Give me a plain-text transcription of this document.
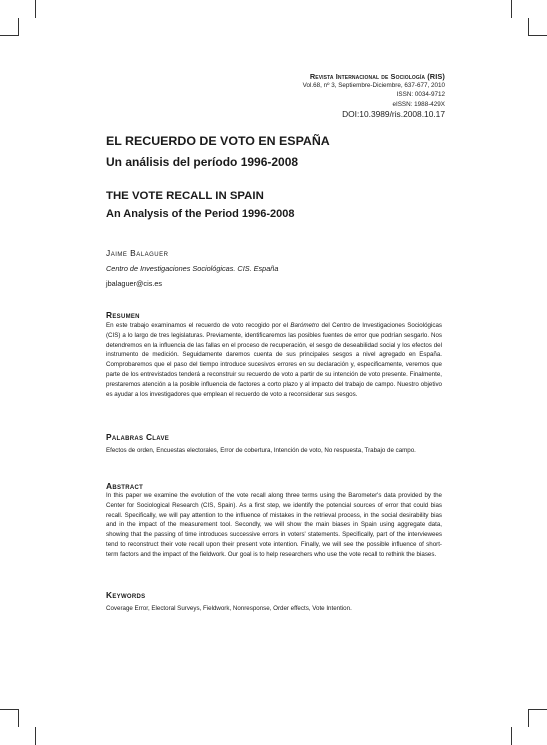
Revista Internacional de Sociología (RIS)
Vol.68, nº 3, Septiembre-Diciembre, 637-677, 2010
ISSN: 0034-9712
eISSN: 1988-429X
DOI:10.3989/ris.2008.10.17
EL RECUERDO DE VOTO EN ESPAÑA
Un análisis del período 1996-2008
THE VOTE RECALL IN SPAIN
An Analysis of the Period 1996-2008
Jaime Balaguer
Centro de Investigaciones Sociológicas. CIS. España
jbalaguer@cis.es
Resumen

En este trabajo examinamos el recuerdo de voto recogido por el Barómetro del Centro de Investigaciones Sociológicas (CIS) a lo largo de tres legislaturas. Previamente, identificaremos las posibles fuentes de error que podrían sesgarlo. Nos detendremos en la influencia de las fallas en el proceso de recuperación, el sesgo de deseabilidad social y los efectos del instrumento de medición. Seguidamente daremos cuenta de sus principales sesgos a nivel agregado en España. Comprobaremos que el paso del tiempo introduce sucesivos errores en su declaración y, especificamente, veremos que parte de los entrevistados tenderá a reconstruir su recuerdo de voto a partir de su intención de voto presente. Finalmente, prestaremos atención a la posible influencia de factores a corto plazo y al impacto del trabajo de campo. Nuestro objetivo es ayudar a los investigadores que emplean el recuerdo de voto a reconsiderar sus sesgos.

Palabras Clave

Efectos de orden, Encuestas electorales, Error de cobertura, Intención de voto, No respuesta, Trabajo de campo.

Abstract

In this paper we examine the evolution of the vote recall along three terms using the Barometer's data provided by the Center for Sociological Research (CIS, Spain). As a first step, we identify the potencial sources of error that could bias recall. Specifically, we will pay attention to the influence of mistakes in the retrieval process, in the social desirability bias and in the impact of the measurement tool. Secondly, we will show the main biases in Spain using aggregate data, showing that the passing of time introduces successive errors in voters' statements. Specifically, part of the interviewees tend to reconstruct their vote recall upon their present vote intention. Finally, we will see the possible influence of short-term factors and the impact of the fieldwork. Our goal is to help researchers who use the vote recall to rethink the biases.

Keywords

Coverage Error, Electoral Surveys, Fieldwork, Nonresponse, Order effects, Vote Intention.
